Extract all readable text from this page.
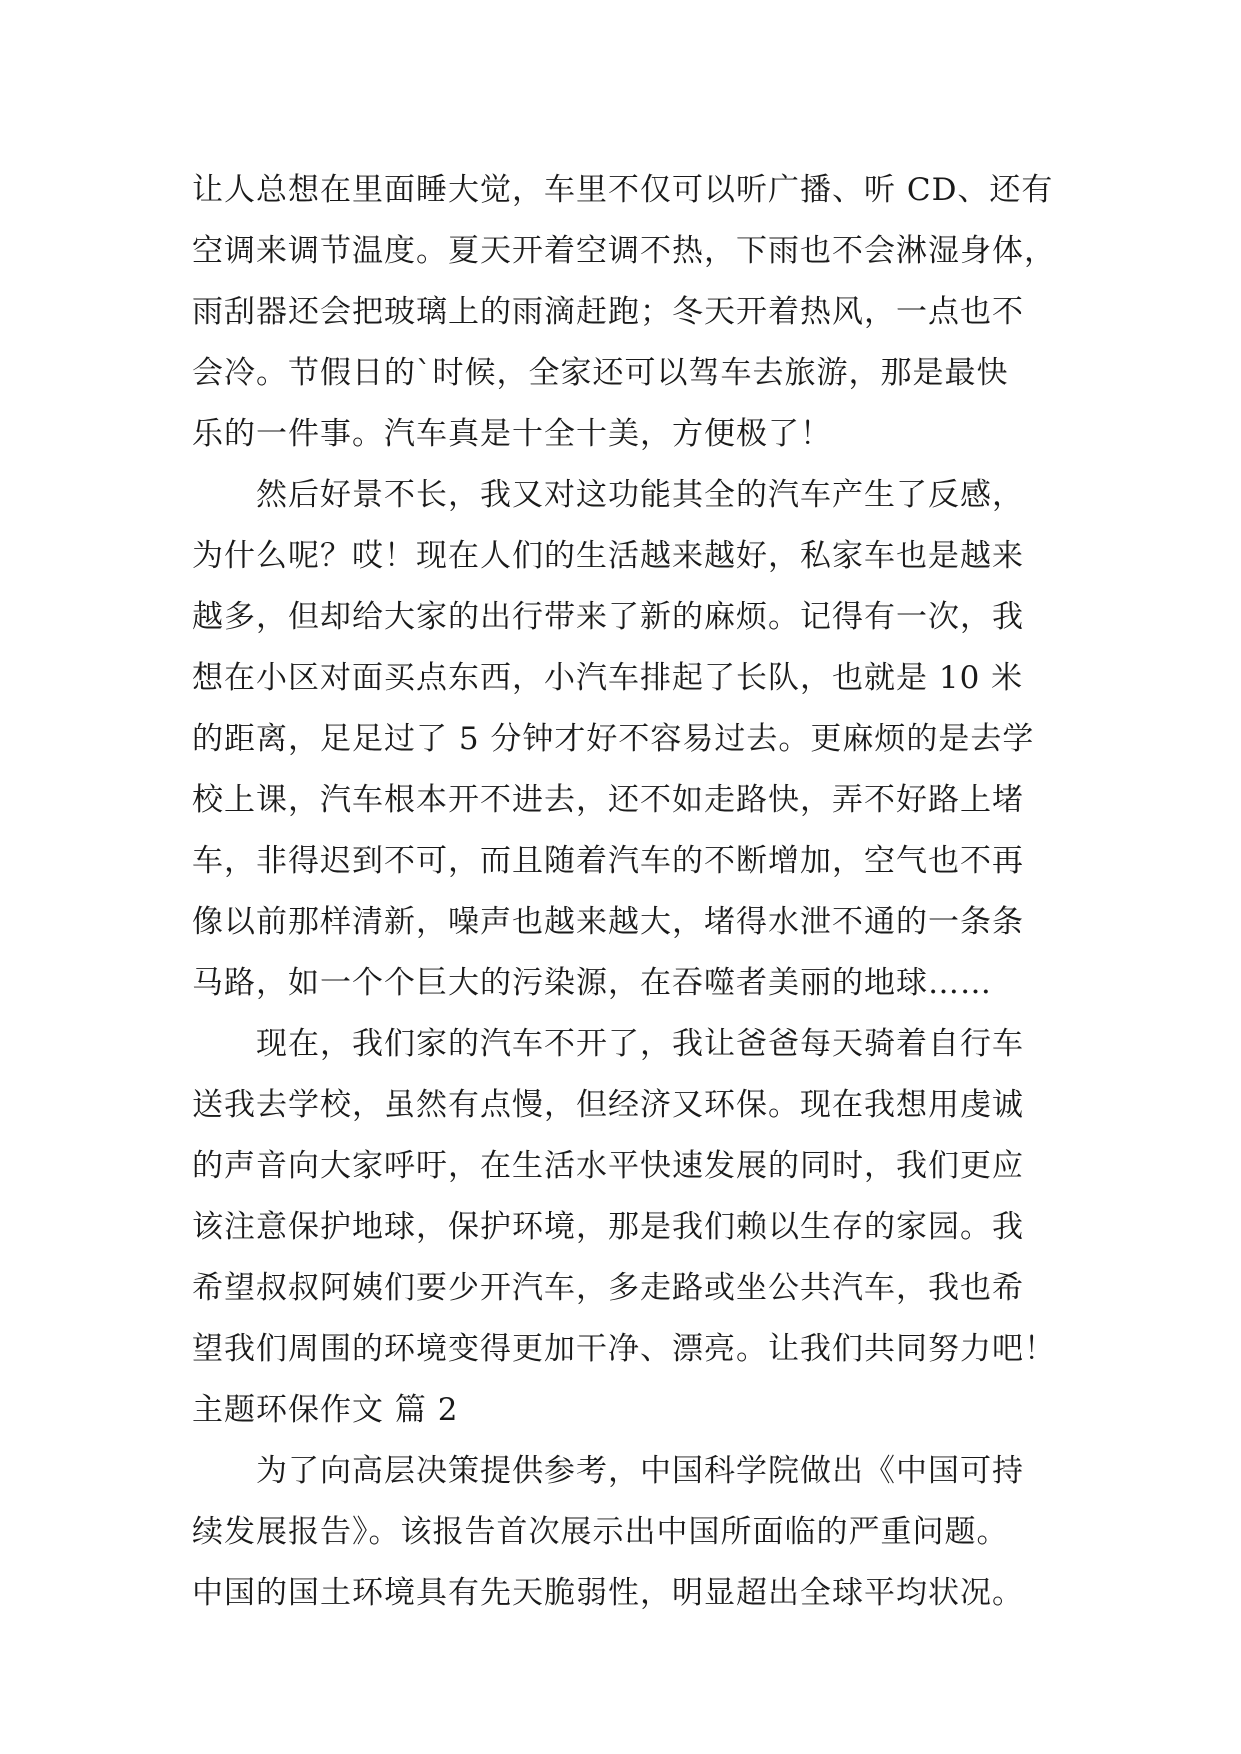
让人总想在里面睡大觉，车里不仅可以听广播、听 CD、还有
空调来调节温度。夏天开着空调不热，下雨也不会淋湿身体，
雨刮器还会把玻璃上的雨滴赶跑；冬天开着热风，一点也不
会冷。节假日的`时候，全家还可以驾车去旅游，那是最快
乐的一件事。汽车真是十全十美，方便极了！
然后好景不长，我又对这功能其全的汽车产生了反感，
为什么呢？哎！现在人们的生活越来越好，私家车也是越来
越多，但却给大家的出行带来了新的麻烦。记得有一次，我
想在小区对面买点东西，小汽车排起了长队，也就是 10 米
的距离，足足过了 5 分钟才好不容易过去。更麻烦的是去学
校上课，汽车根本开不进去，还不如走路快，弄不好路上堵
车，非得迟到不可，而且随着汽车的不断增加，空气也不再
像以前那样清新，噪声也越来越大，堵得水泄不通的一条条
马路，如一个个巨大的污染源，在吞噬者美丽的地球……
现在，我们家的汽车不开了，我让爸爸每天骑着自行车
送我去学校，虽然有点慢，但经济又环保。现在我想用虔诚
的声音向大家呼吁，在生活水平快速发展的同时，我们更应
该注意保护地球，保护环境，那是我们赖以生存的家园。我
希望叔叔阿姨们要少开汽车，多走路或坐公共汽车，我也希
望我们周围的环境变得更加干净、漂亮。让我们共同努力吧！
主题环保作文 篇 2
为了向高层决策提供参考，中国科学院做出《中国可持
续发展报告》。该报告首次展示出中国所面临的严重问题。
中国的国土环境具有先天脆弱性，明显超出全球平均状况。
